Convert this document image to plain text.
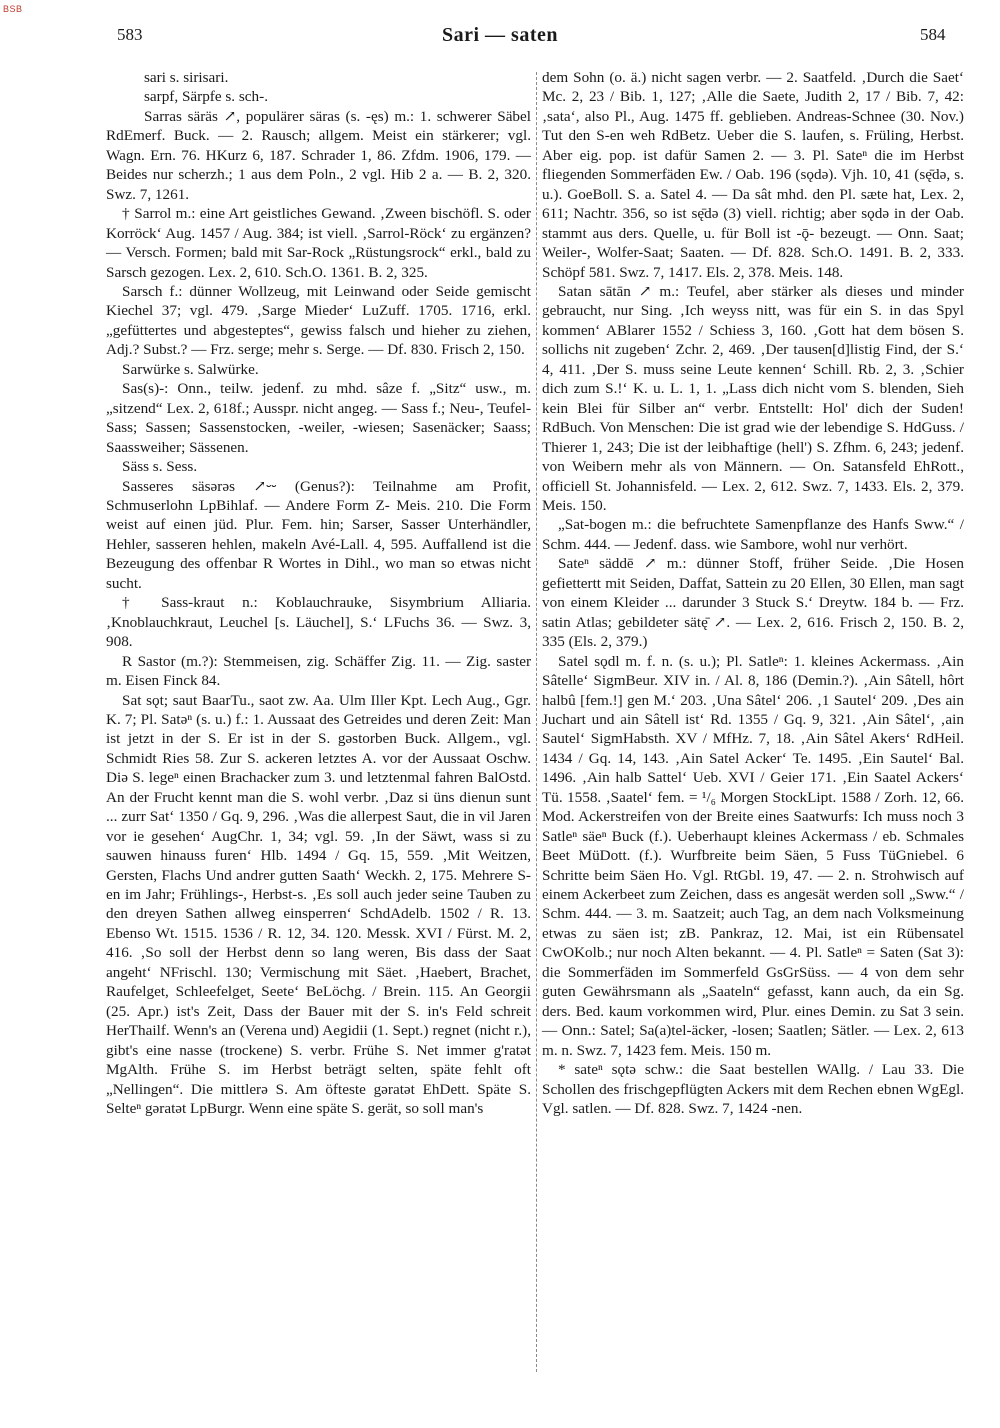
BSB
583	Sari — saten	584

sari s. sirisari.

sarpf, Särpfe s. sch-.

Sarras säräs ↗, populärer säras (s. -ęs) m.: 1. schwerer Säbel RdEmerf. Buck. — 2. Rausch; allgem. Meist ein stärkerer; vgl. Wagn. Ern. 76. HKurz 6, 187. Schrader 1, 86. Zfdm. 1906, 179. — Beides nur scherzh.; 1 aus dem Poln., 2 vgl. Hib 2 a. — B. 2, 320. Swz. 7, 1261.

† Sarrol m.: eine Art geistliches Gewand. ‚Zween bischöfl. S. oder Korröck‘ Aug. 1457 / Aug. 384; ist viell. ‚Sarrol-Röck‘ zu ergänzen? — Versch. Formen; bald mit Sar-Rock „Rüstungsrock“ erkl., bald zu Sarsch gezogen. Lex. 2, 610. Sch.O. 1361. B. 2, 325.

Sarsch f.: dünner Wollzeug, mit Leinwand oder Seide gemischt Kiechel 37; vgl. 479. ‚Sarge Mieder‘ LuZuff. 1705. 1716, erkl. „gefüttertes und abgesteptes“, gewiss falsch und hieher zu ziehen, Adj.? Subst.? — Frz. serge; mehr s. Serge. — Df. 830. Frisch 2, 150.

Sarwürke s. Salwürke.

Sas(s)-: Onn., teilw. jedenf. zu mhd. sâze f. „Sitz“ usw., m. „sitzend“ Lex. 2, 618f.; Ausspr. nicht angeg. — Sass f.; Neu-, Teufel-Sass; Sassen; Sassenstocken, -weiler, -wiesen; Sasenäcker; Saass; Saassweiher; Sässenen.

Säss s. Sess.

Sasseres säsərəs ↗⏑⏑ (Genus?): Teilnahme am Profit, Schmuserlohn LpBihlaf. — Andere Form Z- Meis. 210. Die Form weist auf einen jüd. Plur. Fem. hin; Sarser, Sasser Unterhändler, Hehler, sasseren hehlen, makeln Avé-Lall. 4, 595. Auffallend ist die Bezeugung des offenbar R Wortes in Dihl., wo man so etwas nicht sucht.

† Sass-kraut n.: Koblauchrauke, Sisymbrium Alliaria. ‚Knoblauchkraut, Leuchel [s. Läuchel], S.‘ LFuchs 36. — Swz. 3, 908.

R Sastor (m.?): Stemmeisen, zig. Schäffer Zig. 11. — Zig. saster m. Eisen Finck 84.

Sat sǫt; saut BaarTu., saot zw. Aa. Ulm Iller Kpt. Lech Aug., Ggr. K. 7; Pl. Satəⁿ (s. u.) f.: 1. Aussaat des Getreides und deren Zeit: Man ist jetzt in der S. Er ist in der S. gəstorben Buck. Allgem., vgl. Schmidt Ries 58. Zur S. ackeren letztes A. vor der Aussaat Oschw. Diə S. legeⁿ einen Brachacker zum 3. und letztenmal fahren BalOstd. An der Frucht kennt man die S. wohl verbr. ‚Daz si üns dienun sunt ... zurr Sat‘ 1350 / Gq. 9, 296. ‚Was die allerpest Saut, die in vil Jaren vor ie gesehen‘ AugChr. 1, 34; vgl. 59. ‚In der Säwt, wass si zu sauwen hinauss furen‘ Hlb. 1494 / Gq. 15, 559. ‚Mit Weitzen, Gersten, Flachs Und andrer gutten Saath‘ Weckh. 2, 175. Mehrere S-en im Jahr; Frühlings-, Herbst-s. ‚Es soll auch jeder seine Tauben zu den dreyen Sathen allweg einsperren‘ SchdAdelb. 1502 / R. 13. Ebenso Wt. 1515. 1536 / R. 12, 34. 120. Messk. XVI / Fürst. M. 2, 416. ‚So soll der Herbst denn so lang weren, Bis dass der Saat angeht‘ NFrischl. 130; Vermischung mit Säet. ‚Haebert, Brachet, Raufelget, Schleefelget, Seete‘ BeLöchg. / Brein. 115. An Georgii (25. Apr.) ist's Zeit, Dass der Bauer mit der S. in's Feld schreit HerThailf. Wenn's an (Verena und) Aegidii (1. Sept.) regnet (nicht r.), gibt's eine nasse (trockene) S. verbr. Frühe S. Net immer g'ratət MgAlth. Frühe S. im Herbst beträgt selten, späte fehlt oft „Nellingen“. Die mittlerə S. Am öfteste gəratət EhDett. Späte S. Selteⁿ gəratət LpBurgr. Wenn eine späte S. gerät, so soll man's

dem Sohn (o. ä.) nicht sagen verbr. — 2. Saatfeld. ‚Durch die Saet‘ Mc. 2, 23 / Bib. 1, 127; ‚Alle die Saete, Judith 2, 17 / Bib. 7, 42: ‚sata‘, also Pl., Aug. 1475 ff. geblieben. Andreas-Schnee (30. Nov.) Tut den S-en weh RdBetz. Ueber die S. laufen, s. Früling, Herbst. Aber eig. pop. ist dafür Samen 2. — 3. Pl. Sateⁿ die im Herbst fliegenden Sommerfäden Ew. / Oab. 196 (sǫdə). Vjh. 10, 41 (sę̄də, s. u.). GoeBoll. S. a. Satel 4. — Da sât mhd. den Pl. sæte hat, Lex. 2, 611; Nachtr. 356, so ist sę̄də (3) viell. richtig; aber sǫdə in der Oab. stammt aus ders. Quelle, u. für Boll ist -ǭ- bezeugt. — Onn. Saat; Weiler-, Wolfer-Saat; Saaten. — Df. 828. Sch.O. 1491. B. 2, 333. Schöpf 581. Swz. 7, 1417. Els. 2, 378. Meis. 148.

Satan sātān ↗ m.: Teufel, aber stärker als dieses und minder gebraucht, nur Sing. ‚Ich weyss nitt, was für ein S. in das Spyl kommen‘ ABlarer 1552 / Schiess 3, 160. ‚Gott hat dem bösen S. sollichs nit zugeben‘ Zchr. 2, 469. ‚Der tausen[d]listig Find, der S.‘ 4, 411. ‚Der S. muss seine Leute kennen‘ Schill. Rb. 2, 3. ‚Schier dich zum S.!‘ K. u. L. 1, 1. „Lass dich nicht vom S. blenden, Sieh kein Blei für Silber an“ verbr. Entstellt: Hol' dich der Suden! RdBuch. Von Menschen: Die ist grad wie der lebendige S. HdGuss. / Thierer 1, 243; Die ist der leibhaftige (hell') S. Zfhm. 6, 243; jedenf. von Weibern mehr als von Männern. — On. Satansfeld EhRott., officiell St. Johannisfeld. — Lex. 2, 612. Swz. 7, 1433. Els. 2, 379. Meis. 150.

„Sat-bogen m.: die befruchtete Samenpflanze des Hanfs Sww.“ / Schm. 444. — Jedenf. dass. wie Sambore, wohl nur verhört.

Sateⁿ säddē ↗ m.: dünner Stoff, früher Seide. ‚Die Hosen gefiettertt mit Seiden, Daffat, Sattein zu 20 Ellen, 30 Ellen, man sagt von einem Kleider ... darunder 3 Stuck S.‘ Dreytw. 184 b. — Frz. satin Atlas; gebildeter sätę̄ ↗. — Lex. 2, 616. Frisch 2, 150. B. 2, 335 (Els. 2, 379.)

Satel sǫdl m. f. n. (s. u.); Pl. Satleⁿ: 1. kleines Ackermass. ‚Ain Sâtelle‘ SigmBeur. XIV in. / Al. 8, 186 (Demin.?). ‚Ain Sâtell, hôrt halbû [fem.!] gen M.‘ 203. ‚Una Sâtel‘ 206. ‚1 Sautel‘ 209. ‚Des ain Juchart und ain Sâtell ist‘ Rd. 1355 / Gq. 9, 321. ‚Ain Sâtel‘, ‚ain Sautel‘ SigmHabsth. XV / MfHz. 7, 18. ‚Ain Sâtel Akers‘ RdHeil. 1434 / Gq. 14, 143. ‚Ain Satel Acker‘ Te. 1495. ‚Ein Sautel‘ Bal. 1496. ‚Ain halb Sattel‘ Ueb. XVI / Geier 171. ‚Ein Saatel Ackers‘ Tü. 1558. ‚Saatel‘ fem. = ¹/₆ Morgen StockLipt. 1588 / Zorh. 12, 66. Mod. Ackerstreifen von der Breite eines Saatwurfs: Ich muss noch 3 Satleⁿ säeⁿ Buck (f.). Ueberhaupt kleines Ackermass / eb. Schmales Beet MüDott. (f.). Wurfbreite beim Säen, 5 Fuss TüGniebel. 6 Schritte beim Säen Ho. Vgl. RtGbl. 19, 47. — 2. n. Strohwisch auf einem Ackerbeet zum Zeichen, dass es angesät werden soll „Sww.“ / Schm. 444. — 3. m. Saatzeit; auch Tag, an dem nach Volksmeinung etwas zu säen ist; zB. Pankraz, 12. Mai, ist ein Rübensatel CwOKolb.; nur noch Alten bekannt. — 4. Pl. Satleⁿ = Saten (Sat 3): die Sommerfäden im Sommerfeld GsGrSüss. — 4 von dem sehr guten Gewährsmann als „Saateln“ gefasst, kann auch, da ein Sg. ders. Bed. kaum vorkommen wird, Plur. eines Demin. zu Sat 3 sein. — Onn.: Satel; Sa(a)tel-äcker, -losen; Saatlen; Sätler. — Lex. 2, 613 m. n. Swz. 7, 1423 fem. Meis. 150 m.

* sateⁿ sǫtə schw.: die Saat bestellen WAllg. / Lau 33. Die Schollen des frischgepflügten Ackers mit dem Rechen ebnen WgEgl. Vgl. satlen. — Df. 828. Swz. 7, 1424 -nen.
